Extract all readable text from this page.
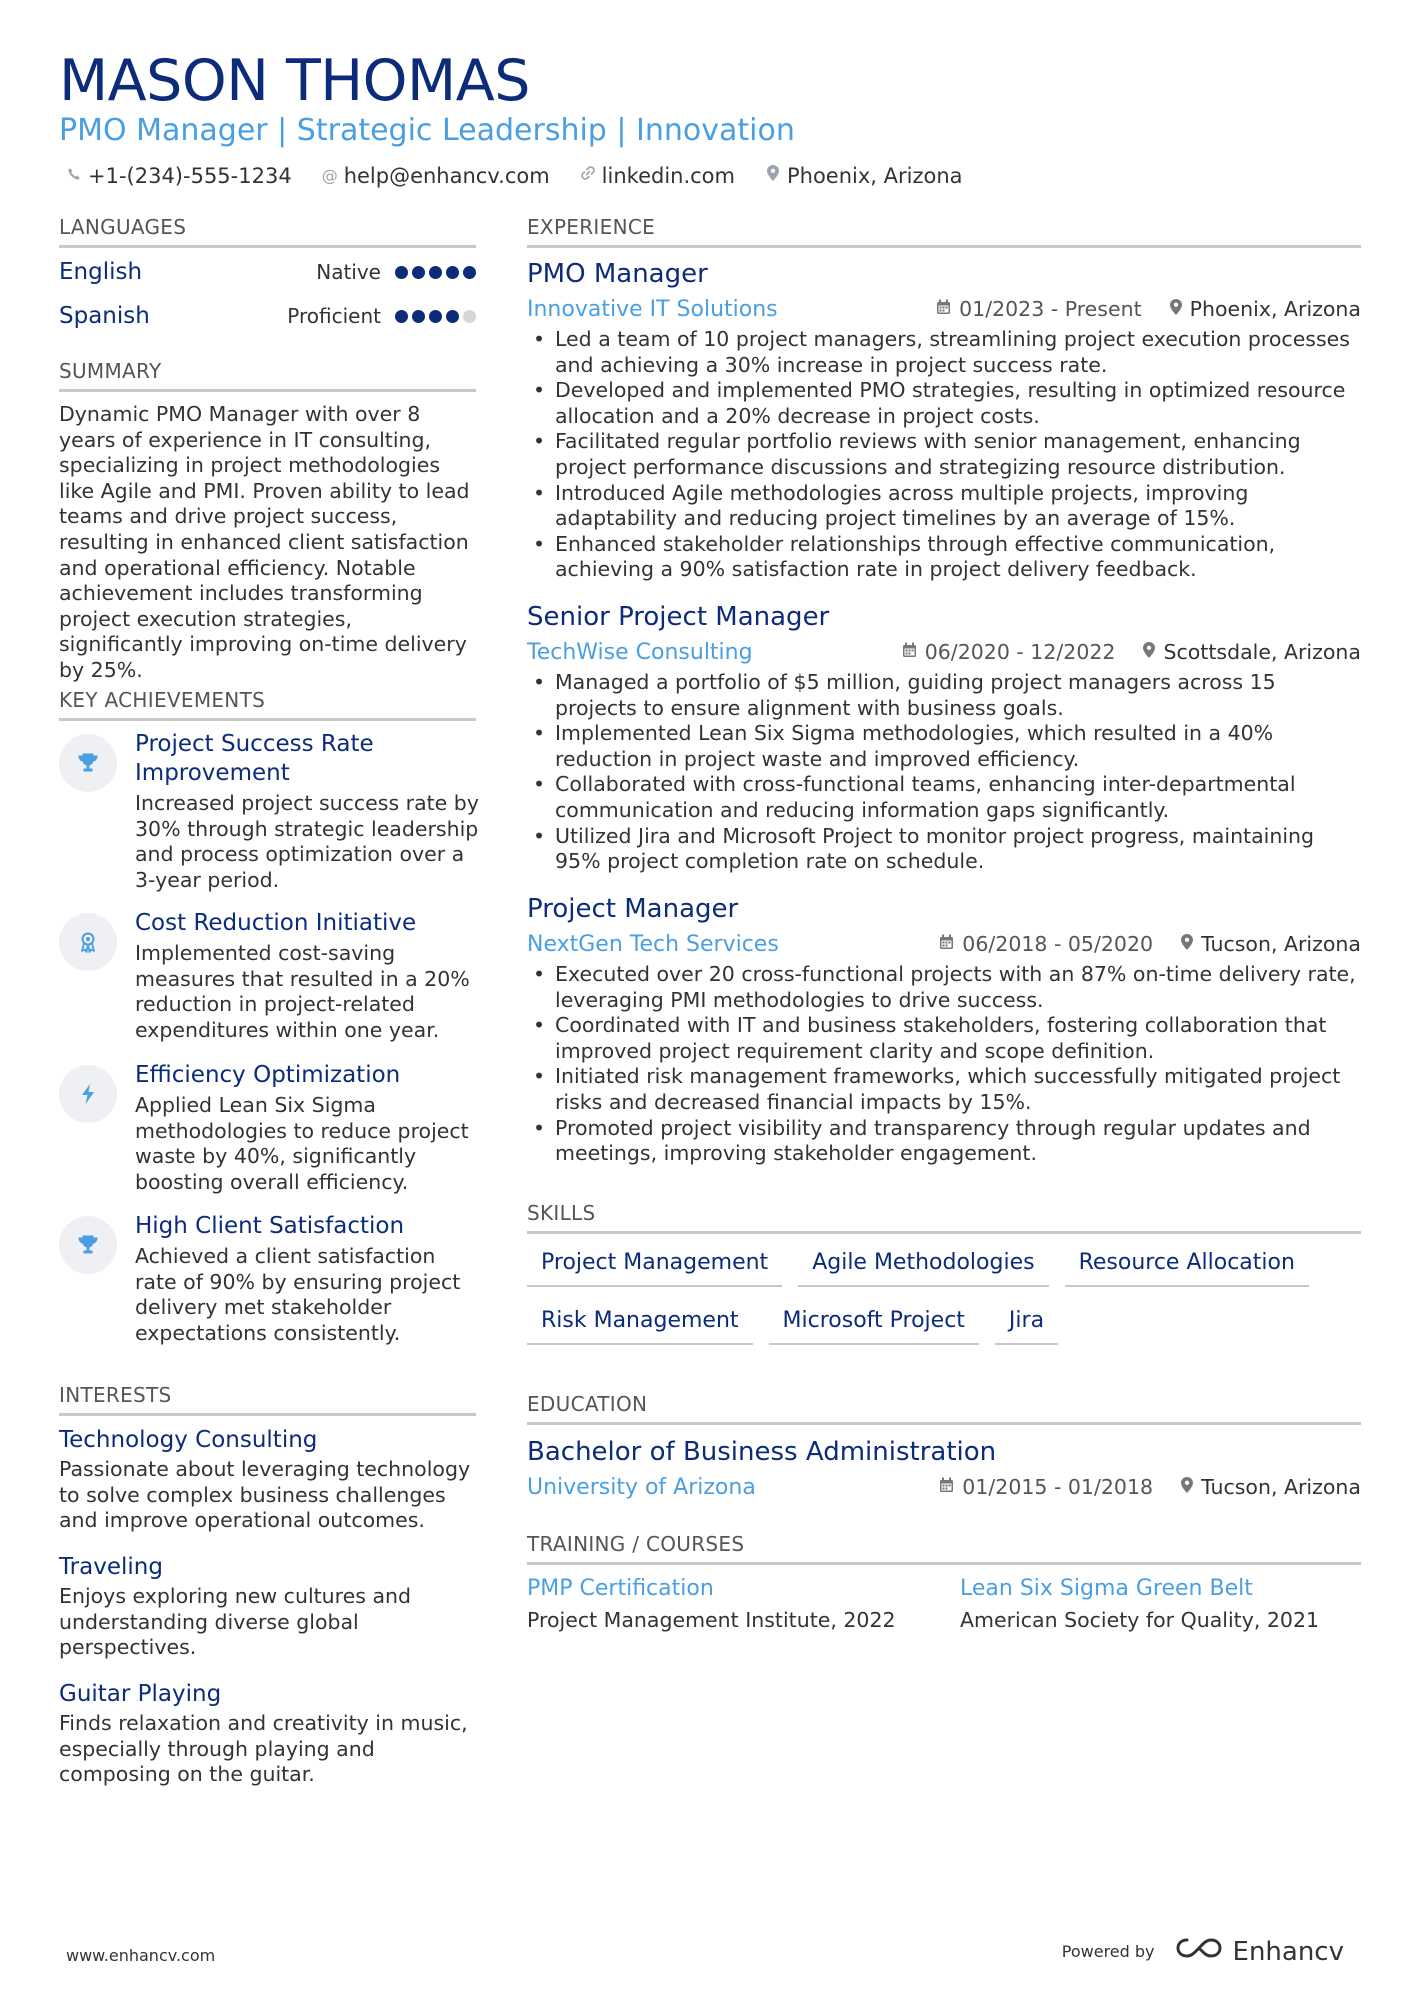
MASON THOMAS
PMO Manager | Strategic Leadership | Innovation
+1-(234)-555-1234 @ help@enhancv.com linkedin.com Phoenix, Arizona
LANGUAGES
English	Native
Spanish	Proficient
SUMMARY
Dynamic PMO Manager with over 8 years of experience in IT consulting, specializing in project methodologies like Agile and PMI. Proven ability to lead teams and drive project success, resulting in enhanced client satisfaction and operational efficiency. Notable achievement includes transforming project execution strategies, significantly improving on-time delivery by 25%.
KEY ACHIEVEMENTS
Project Success Rate Improvement
Increased project success rate by 30% through strategic leadership and process optimization over a 3-year period.
Cost Reduction Initiative
Implemented cost-saving measures that resulted in a 20% reduction in project-related expenditures within one year.
Efficiency Optimization
Applied Lean Six Sigma methodologies to reduce project waste by 40%, significantly boosting overall efficiency.
High Client Satisfaction
Achieved a client satisfaction rate of 90% by ensuring project delivery met stakeholder expectations consistently.
INTERESTS
Technology Consulting
Passionate about leveraging technology to solve complex business challenges and improve operational outcomes.
Traveling
Enjoys exploring new cultures and understanding diverse global perspectives.
Guitar Playing
Finds relaxation and creativity in music, especially through playing and composing on the guitar.
EXPERIENCE
PMO Manager
Innovative IT Solutions	01/2023 - Present Phoenix, Arizona
• Led a team of 10 project managers, streamlining project execution processes and achieving a 30% increase in project success rate.
• Developed and implemented PMO strategies, resulting in optimized resource allocation and a 20% decrease in project costs.
• Facilitated regular portfolio reviews with senior management, enhancing project performance discussions and strategizing resource distribution.
• Introduced Agile methodologies across multiple projects, improving adaptability and reducing project timelines by an average of 15%.
• Enhanced stakeholder relationships through effective communication, achieving a 90% satisfaction rate in project delivery feedback.
Senior Project Manager
TechWise Consulting	06/2020 - 12/2022 Scottsdale, Arizona
• Managed a portfolio of $5 million, guiding project managers across 15 projects to ensure alignment with business goals.
• Implemented Lean Six Sigma methodologies, which resulted in a 40% reduction in project waste and improved efficiency.
• Collaborated with cross-functional teams, enhancing inter-departmental communication and reducing information gaps significantly.
• Utilized Jira and Microsoft Project to monitor project progress, maintaining 95% project completion rate on schedule.
Project Manager
NextGen Tech Services	06/2018 - 05/2020 Tucson, Arizona
• Executed over 20 cross-functional projects with an 87% on-time delivery rate, leveraging PMI methodologies to drive success.
• Coordinated with IT and business stakeholders, fostering collaboration that improved project requirement clarity and scope definition.
• Initiated risk management frameworks, which successfully mitigated project risks and decreased financial impacts by 15%.
• Promoted project visibility and transparency through regular updates and meetings, improving stakeholder engagement.
SKILLS
Project Management	Agile Methodologies	Resource Allocation
Risk Management	Microsoft Project	Jira
EDUCATION
Bachelor of Business Administration
University of Arizona	01/2015 - 01/2018 Tucson, Arizona
TRAINING / COURSES
PMP Certification
Project Management Institute, 2022
Lean Six Sigma Green Belt
American Society for Quality, 2021
www.enhancv.com	Powered by	Enhancv
